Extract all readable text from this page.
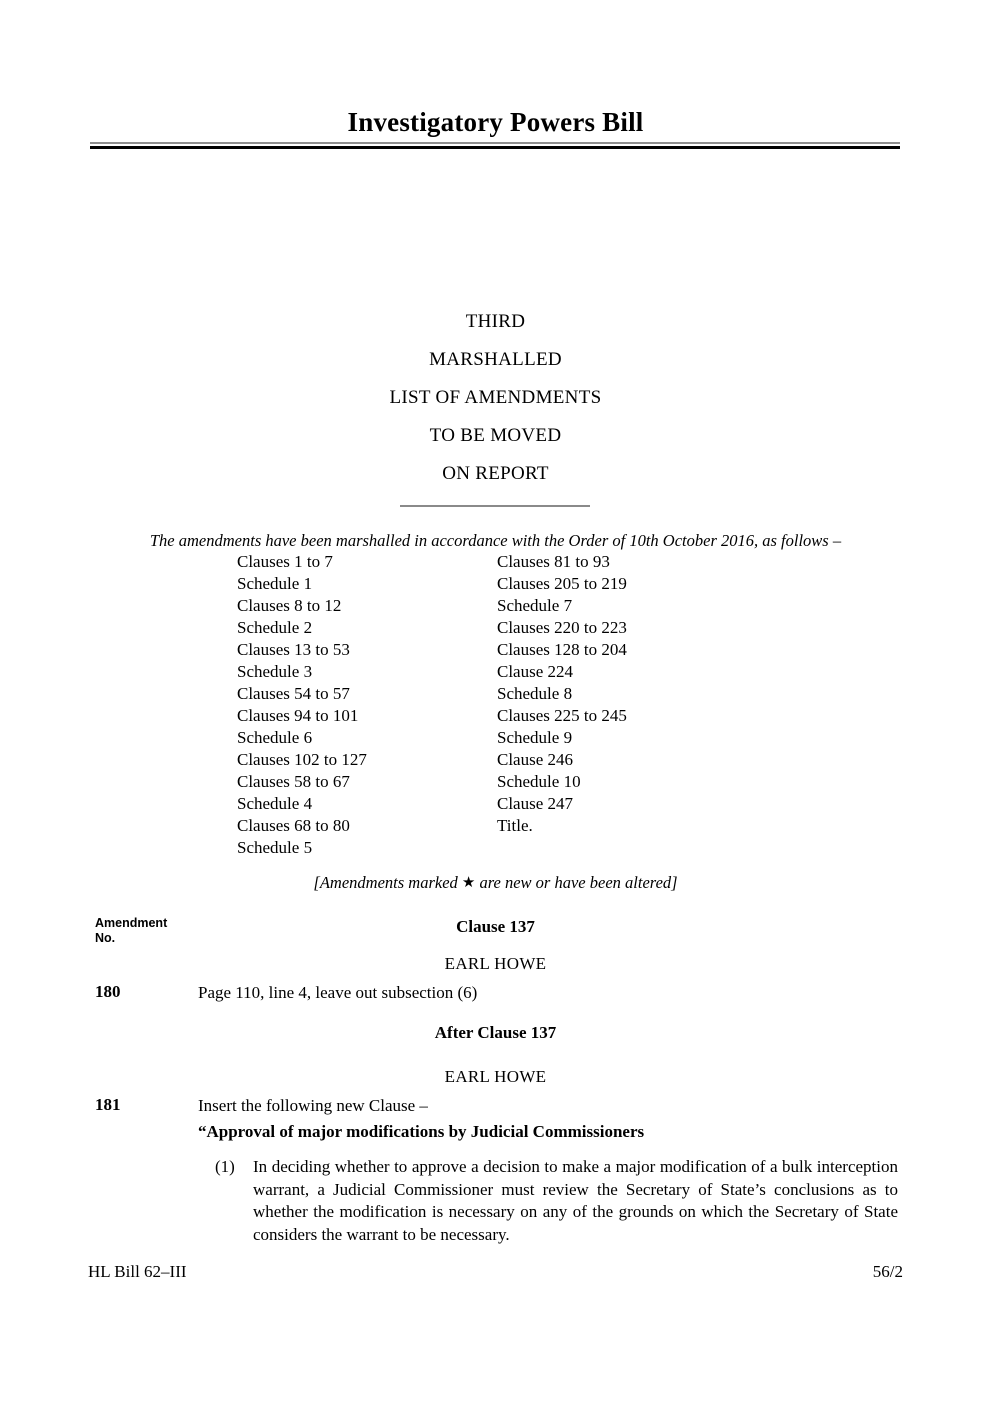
Investigatory Powers Bill
THIRD
MARSHALLED
LIST OF AMENDMENTS
TO BE MOVED
ON REPORT
The amendments have been marshalled in accordance with the Order of 10th October 2016, as follows –
Clauses 1 to 7
Schedule 1
Clauses 8 to 12
Schedule 2
Clauses 13 to 53
Schedule 3
Clauses 54 to 57
Clauses 94 to 101
Schedule 6
Clauses 102 to 127
Clauses 58 to 67
Schedule 4
Clauses 68 to 80
Schedule 5
Clauses 81 to 93
Clauses 205 to 219
Schedule 7
Clauses 220 to 223
Clauses 128 to 204
Clause 224
Schedule 8
Clauses 225 to 245
Schedule 9
Clause 246
Schedule 10
Clause 247
Title.
[Amendments marked ★ are new or have been altered]
Amendment
No.
Clause 137
EARL HOWE
180	Page 110, line 4, leave out subsection (6)
After Clause 137
EARL HOWE
181	Insert the following new Clause –
“Approval of major modifications by Judicial Commissioners
(1) In deciding whether to approve a decision to make a major modification of a bulk interception warrant, a Judicial Commissioner must review the Secretary of State’s conclusions as to whether the modification is necessary on any of the grounds on which the Secretary of State considers the warrant to be necessary.
HL Bill 62–III	56/2
